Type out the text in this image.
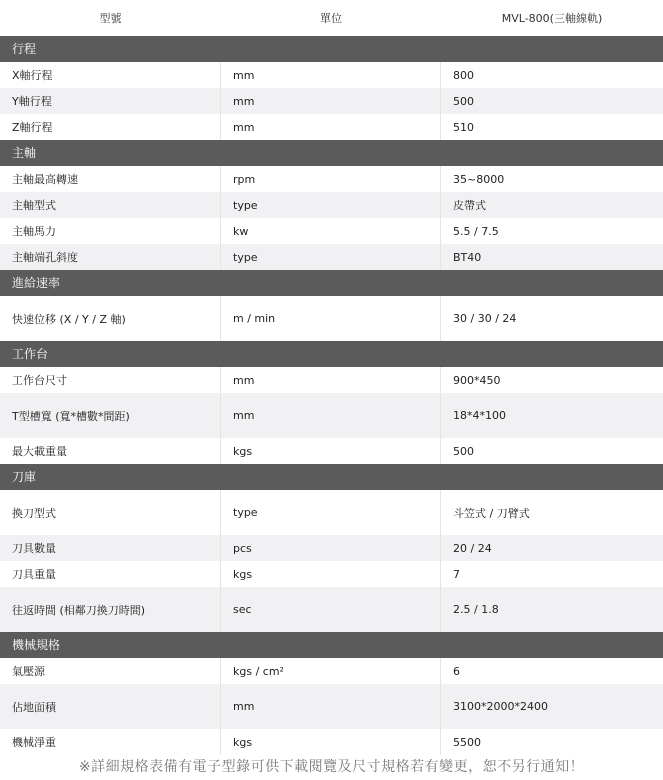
型號	單位	MVL-800(三軸線軌)
行程
X軸行程	mm	800
Y軸行程	mm	500
Z軸行程	mm	510
主軸
主軸最高轉速	rpm	35~8000
主軸型式	type	皮帶式
主軸馬力	kw	5.5 / 7.5
主軸端孔斜度	type	BT40
進給速率
快速位移 (X / Y / Z 軸)	m / min	30 / 30 / 24
工作台
工作台尺寸	mm	900*450
T型槽寬 (寬*槽數*間距)	mm	18*4*100
最大載重量	kgs	500
刀庫
換刀型式	type	斗笠式 / 刀臂式
刀具數量	pcs	20 / 24
刀具重量	kgs	7
往返時間 (相鄰刀換刀時間)	sec	2.5 / 1.8
機械規格
氣壓源	kgs / cm²	6
佔地面積	mm	3100*2000*2400
機械淨重	kgs	5500
※詳細規格表備有電子型錄可供下載閱覽及尺寸規格若有變更，恕不另行通知！
